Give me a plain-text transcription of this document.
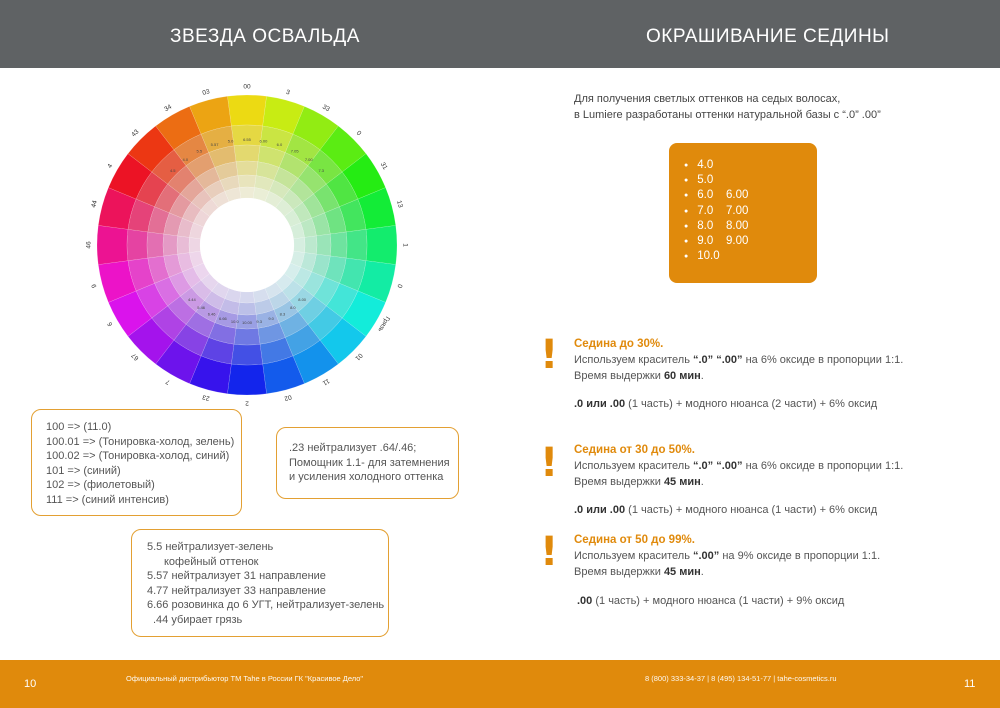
ЗВЕЗДА ОСВАЛЬДА	ОКРАШИВАНИЕ СЕДИНЫ
00
3
33
0
31
13
1
0
Грязь
01
11
02
2
23
7
67
6
9
46
44
4
43
34
03
4.5
4.0
5.5
5.57
5.0 6.55 6.00
6.0
7.05
7.00
7.3
8.00
8.0
8.3
9.0
9.3
10.00
10.0
6.66
6.46
5.46
4.44
100 => (11.0)
100.01 => (Тонировка-холод, зелень)
100.02 => (Тонировка-холод, синий)
101 => (синий)
102 => (фиолетовый)
111 => (синий интенсив)
.23 нейтрализует .64/.46;
Помощник 1.1- для затемнения
и усиления холодного оттенка
5.5 нейтрализует-зелень
кофейный оттенок
5.57 нейтрализует 31 направление
4.77 нейтрализует 33 направление
6.66 розовинка до 6 УГТ, нейтрализует-зелень
.44 убирает грязь
Для получения светлых оттенков на седых волосах,
в Lumiere разработаны оттенки натуральной базы с “.0” .00”
● 4.0
● 5.0
● 6.0    6.00
● 7.0    7.00
● 8.0    8.00
● 9.0    9.00
● 10.0
! Седина до 30%.
Используем краситель “.0” “.00” на 6% оксиде в пропорции 1:1.
Время выдержки 60 мин.
.0 или .00 (1 часть) + модного нюанса (2 части) + 6% оксид
! Седина от 30 до 50%.
Используем краситель “.0” “.00” на 6% оксиде в пропорции 1:1.
Время выдержки 45 мин.
.0 или .00 (1 часть) + модного нюанса (1 части) + 6% оксид
! Седина от 50 до 99%.
Используем краситель “.00” на 9% оксиде в пропорции 1:1.
Время выдержки 45 мин.
.00 (1 часть) + модного нюанса (1 части) + 9% оксид
10	Официальный дистрибьютор ТМ Tahe в России ГК "Красивое Дело"	8 (800) 333-34-37 | 8 (495) 134-51-77 | tahe-cosmetics.ru	11
